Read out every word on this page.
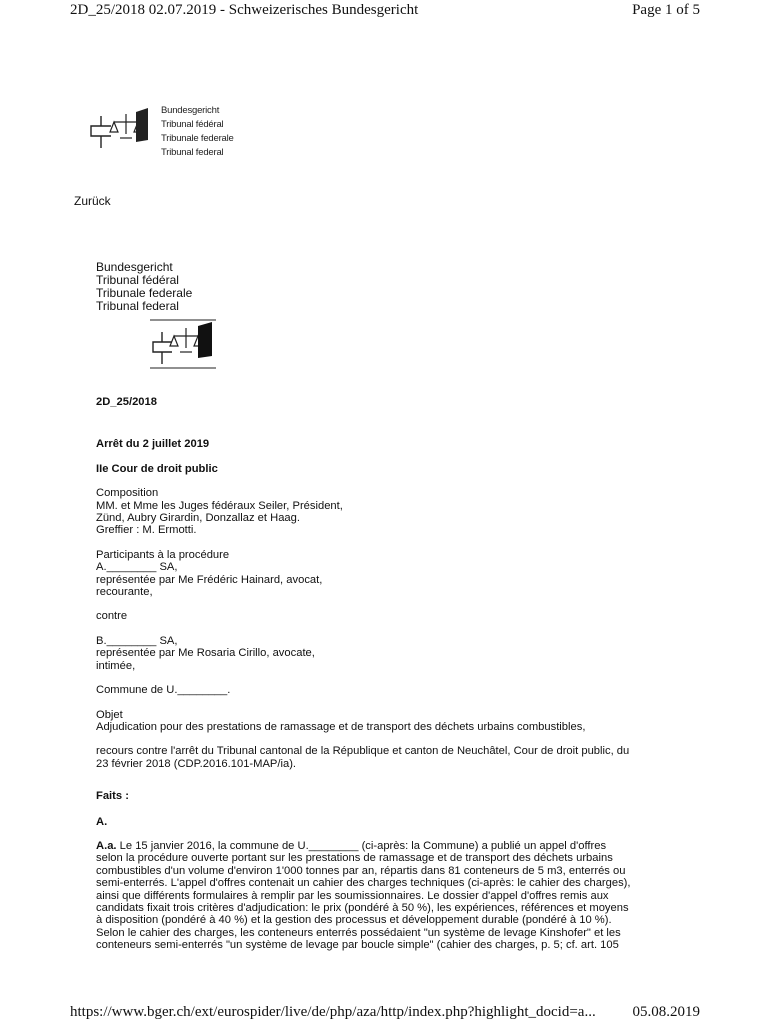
2D_25/2018 02.07.2019 - Schweizerisches Bundesgericht	Page 1 of 5
Bundesgericht
Tribunal fédéral
Tribunale federale
Tribunal federal
Zurück
Bundesgericht
Tribunal fédéral
Tribunale federale
Tribunal federal

2D_25/2018

Arrêt du 2 juillet 2019

IIe Cour de droit public

Composition

MM. et Mme les Juges fédéraux Seiler, Président,

Zünd, Aubry Girardin, Donzallaz et Haag.

Greffier : M. Ermotti.

Participants à la procédure

A.________ SA,

représentée par Me Frédéric Hainard, avocat,

recourante,

contre

B.________ SA,

représentée par Me Rosaria Cirillo, avocate,

intimée,

Commune de U.________.

Objet

Adjudication pour des prestations de ramassage et de transport des déchets urbains combustibles,

recours contre l'arrêt du Tribunal cantonal de la République et canton de Neuchâtel, Cour de droit public, du

23 février 2018 (CDP.2016.101-MAP/ia).

Faits :

A.

A.a. Le 15 janvier 2016, la commune de U.________ (ci-après: la Commune) a publié un appel d'offres

selon la procédure ouverte portant sur les prestations de ramassage et de transport des déchets urbains

combustibles d'un volume d'environ 1'000 tonnes par an, répartis dans 81 conteneurs de 5 m3, enterrés ou

semi-enterrés. L'appel d'offres contenait un cahier des charges techniques (ci-après: le cahier des charges),

ainsi que différents formulaires à remplir par les soumissionnaires. Le dossier d'appel d'offres remis aux

candidats fixait trois critères d'adjudication: le prix (pondéré à 50 %), les expériences, références et moyens

à disposition (pondéré à 40 %) et la gestion des processus et développement durable (pondéré à 10 %).

Selon le cahier des charges, les conteneurs enterrés possédaient "un système de levage Kinshofer" et les

conteneurs semi-enterrés "un système de levage par boucle simple" (cahier des charges, p. 5; cf. art. 105

https://www.bger.ch/ext/eurospider/live/de/php/aza/http/index.php?highlight_docid=a... 05.08.2019
